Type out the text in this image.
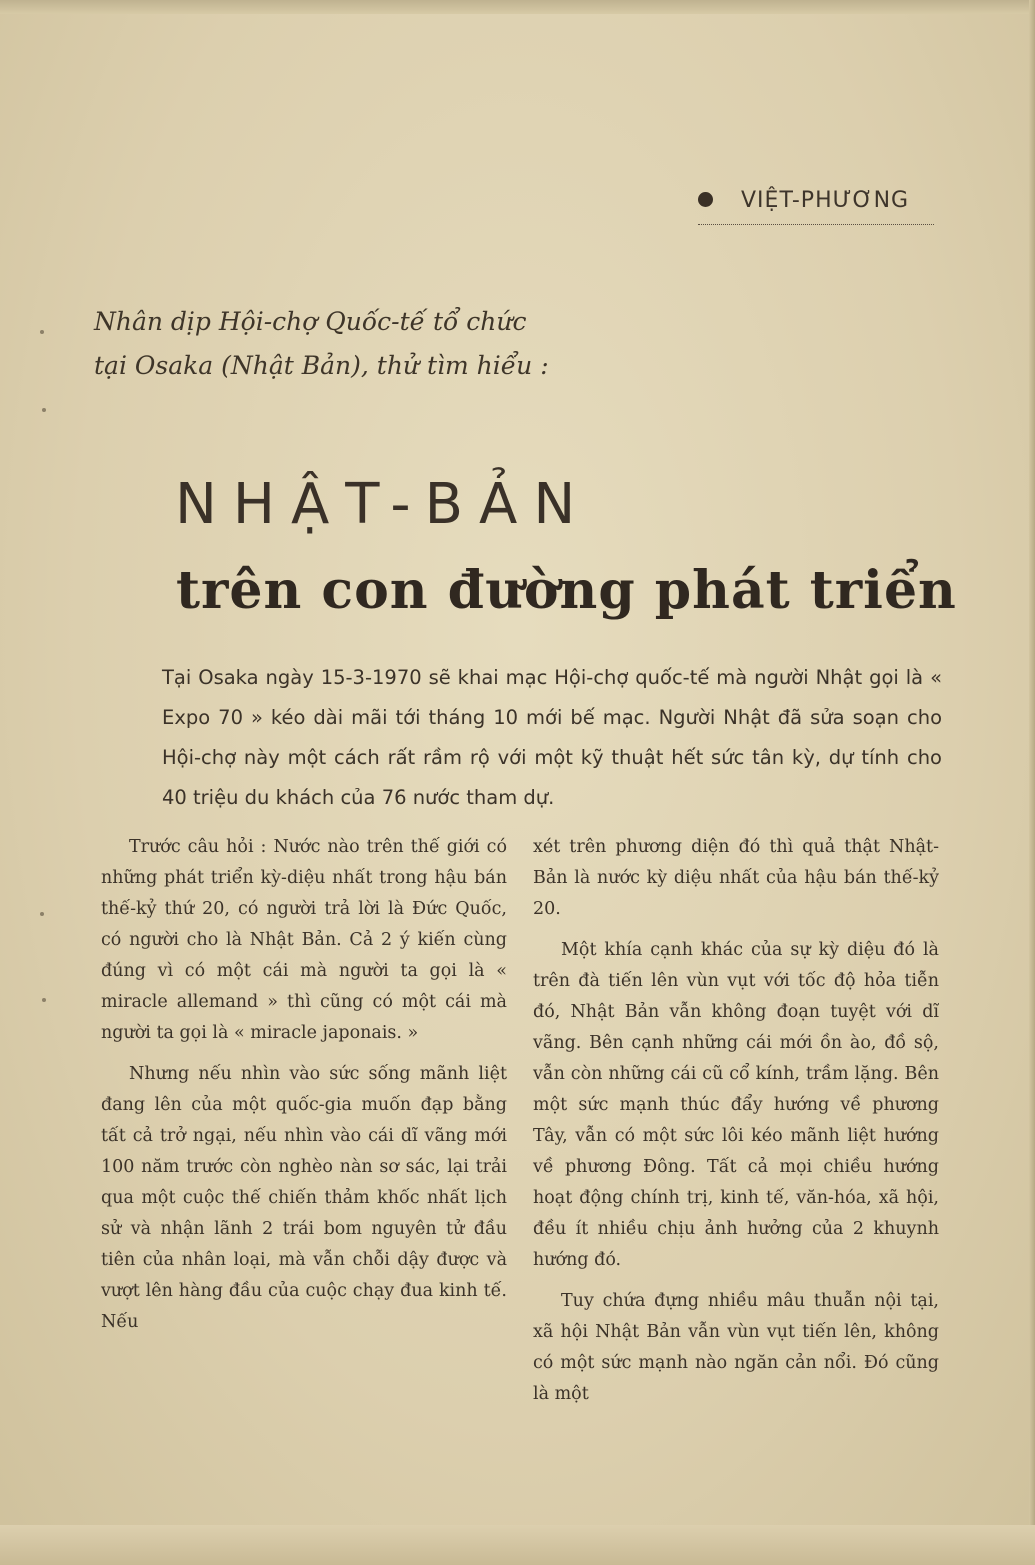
VIỆT-PHƯƠNG
Nhân dịp Hội-chợ Quốc-tế tổ chức
tại Osaka (Nhật Bản), thử tìm hiểu :
NHẬT-BẢN
trên con đường phát triển
Tại Osaka ngày 15-3-1970 sẽ khai mạc Hội-chợ quốc-tế mà người Nhật gọi là « Expo 70 » kéo dài mãi tới tháng 10 mới bế mạc. Người Nhật đã sửa soạn cho Hội-chợ này một cách rất rầm rộ với một kỹ thuật hết sức tân kỳ, dự tính cho 40 triệu du khách của 76 nước tham dự.

Trước câu hỏi : Nước nào trên thế giới có những phát triển kỳ-diệu nhất trong hậu bán thế-kỷ thứ 20, có người trả lời là Đức Quốc, có người cho là Nhật Bản. Cả 2 ý kiến cùng đúng vì có một cái mà người ta gọi là « miracle allemand » thì cũng có một cái mà người ta gọi là « miracle japonais. »

Nhưng nếu nhìn vào sức sống mãnh liệt đang lên của một quốc-gia muốn đạp bằng tất cả trở ngại, nếu nhìn vào cái dĩ vãng mới 100 năm trước còn nghèo nàn sơ sác, lại trải qua một cuộc thế chiến thảm khốc nhất lịch sử và nhận lãnh 2 trái bom nguyên tử đầu tiên của nhân loại, mà vẫn chỗi dậy được và vượt lên hàng đầu của cuộc chạy đua kinh tế. Nếu

xét trên phương diện đó thì quả thật Nhật-Bản là nước kỳ diệu nhất của hậu bán thế-kỷ 20.

Một khía cạnh khác của sự kỳ diệu đó là trên đà tiến lên vùn vụt với tốc độ hỏa tiễn đó, Nhật Bản vẫn không đoạn tuyệt với dĩ vãng. Bên cạnh những cái mới ồn ào, đồ sộ, vẫn còn những cái cũ cổ kính, trầm lặng. Bên một sức mạnh thúc đẩy hướng về phương Tây, vẫn có một sức lôi kéo mãnh liệt hướng về phương Đông. Tất cả mọi chiều hướng hoạt động chính trị, kinh tế, văn-hóa, xã hội, đều ít nhiều chịu ảnh hưởng của 2 khuynh hướng đó.

Tuy chứa đựng nhiều mâu thuẫn nội tại, xã hội Nhật Bản vẫn vùn vụt tiến lên, không có một sức mạnh nào ngăn cản nổi. Đó cũng là một
